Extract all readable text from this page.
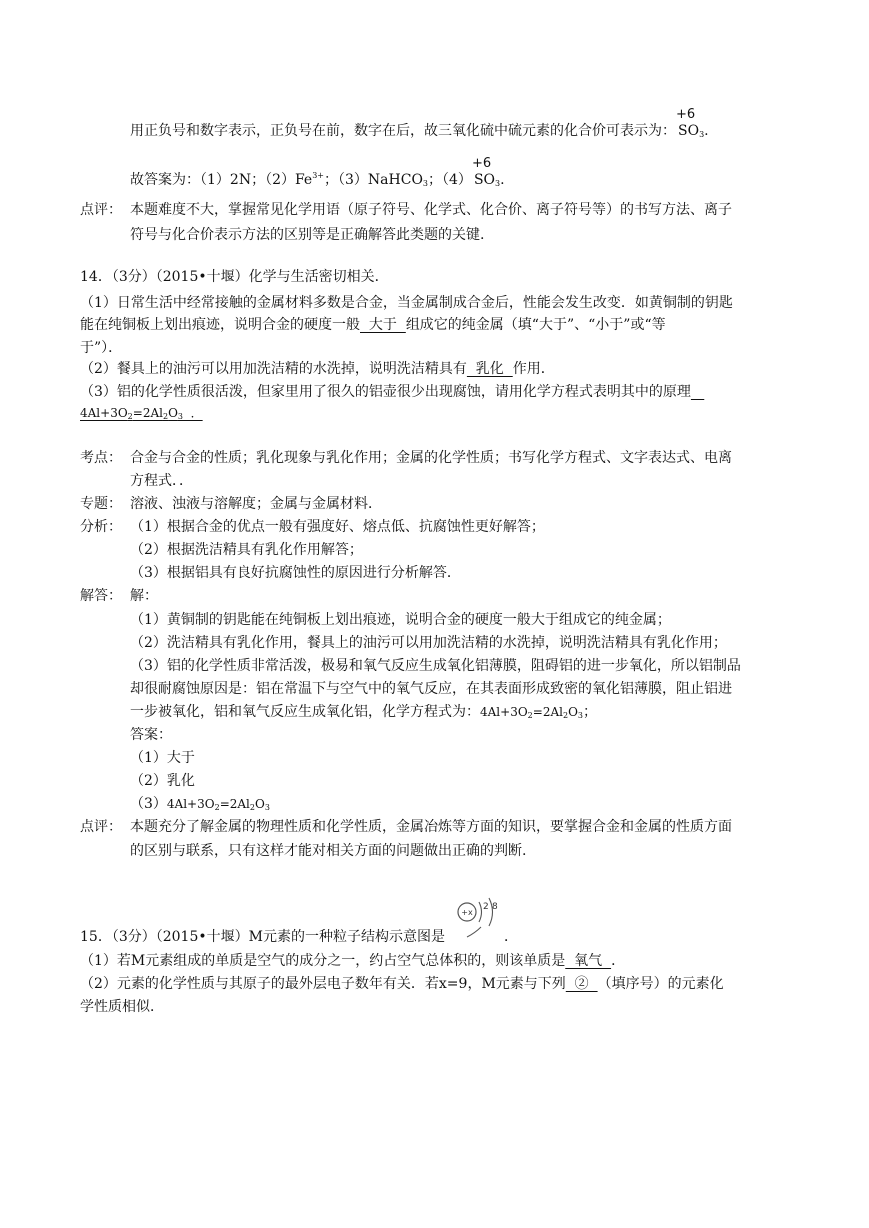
用正负号和数字表示，正负号在前，数字在后，故三氧化硫中硫元素的化合价可表示为：
+6
$SO_3$.
故答案为：（1）2N；$(2)Fe^{3+}$；（3）NaHCO$_3$；（4）
+6
$SO_3$.
点评： 本题难度不大，掌握常见化学用语（原子符号、化学式、化合价、离子符号等）的书写方法、离子
符号与化合价表示方法的区别等是正确解答此类题的关键.
14．（3分）（2015•十堰）化学与生活密切相关．
（1）日常生活中经常接触的金属材料多数是合金，当金属制成合金后，性能会发生改变．如黄铜制的钥匙
能在纯铜板上划出痕迹，说明合金的硬度一般  大于  组成它的纯金属（填“大于”、“小于”或“等
于”）．
（2）餐具上的油污可以用加洗洁精的水洗掉，说明洗洁精具有  乳化  作用．
（3）铝的化学性质很活泼，但家里用了很久的铝壶很少出现腐蚀，请用化学方程式表明其中的原理
$4Al+3O_2=2Al_2O_3$  ．
考点： 合金与合金的性质；乳化现象与乳化作用；金属的化学性质；书写化学方程式、文字表达式、电离
方程式．．
专题： 溶液、浊液与溶解度；金属与金属材料．
分析： （1）根据合金的优点一般有强度好、熔点低、抗腐蚀性更好解答；
（2）根据洗洁精具有乳化作用解答；
（3）根据铝具有良好抗腐蚀性的原因进行分析解答．
解答： 解：
（1）黄铜制的钥匙能在纯铜板上划出痕迹，说明合金的硬度一般大于组成它的纯金属；
（2）洗洁精具有乳化作用，餐具上的油污可以用加洗洁精的水洗掉，说明洗洁精具有乳化作用；
（3）铝的化学性质非常活泼，极易和氧气反应生成氧化铝薄膜，阻碍铝的进一步氧化，所以铝制品
却很耐腐蚀原因是：铝在常温下与空气中的氧气反应，在其表面形成致密的氧化铝薄膜，阻止铝进
一步被氧化，铝和氧气反应生成氧化铝，化学方程式为：$4Al+3O_2=2Al_2O_3$；
答案：
（1）大于
（2）乳化
$(3)4Al+3O_2=2Al_2O_3$
点评： 本题充分了解金属的物理性质和化学性质，金属冶炼等方面的知识，要掌握合金和金属的性质方面
的区别与联系，只有这样才能对相关方面的问题做出正确的判断.
15．（3分）（2015•十堰）M元素的一种粒子结构示意图是
+x
2 8
．
（1）若M元素组成的单质是空气的成分之一，约占空气总体积的，则该单质是  氧气  ．
（2）元素的化学性质与其原子的最外层电子数年有关．若x=9，M元素与下列  ②  （填序号）的元素化
学性质相似．
